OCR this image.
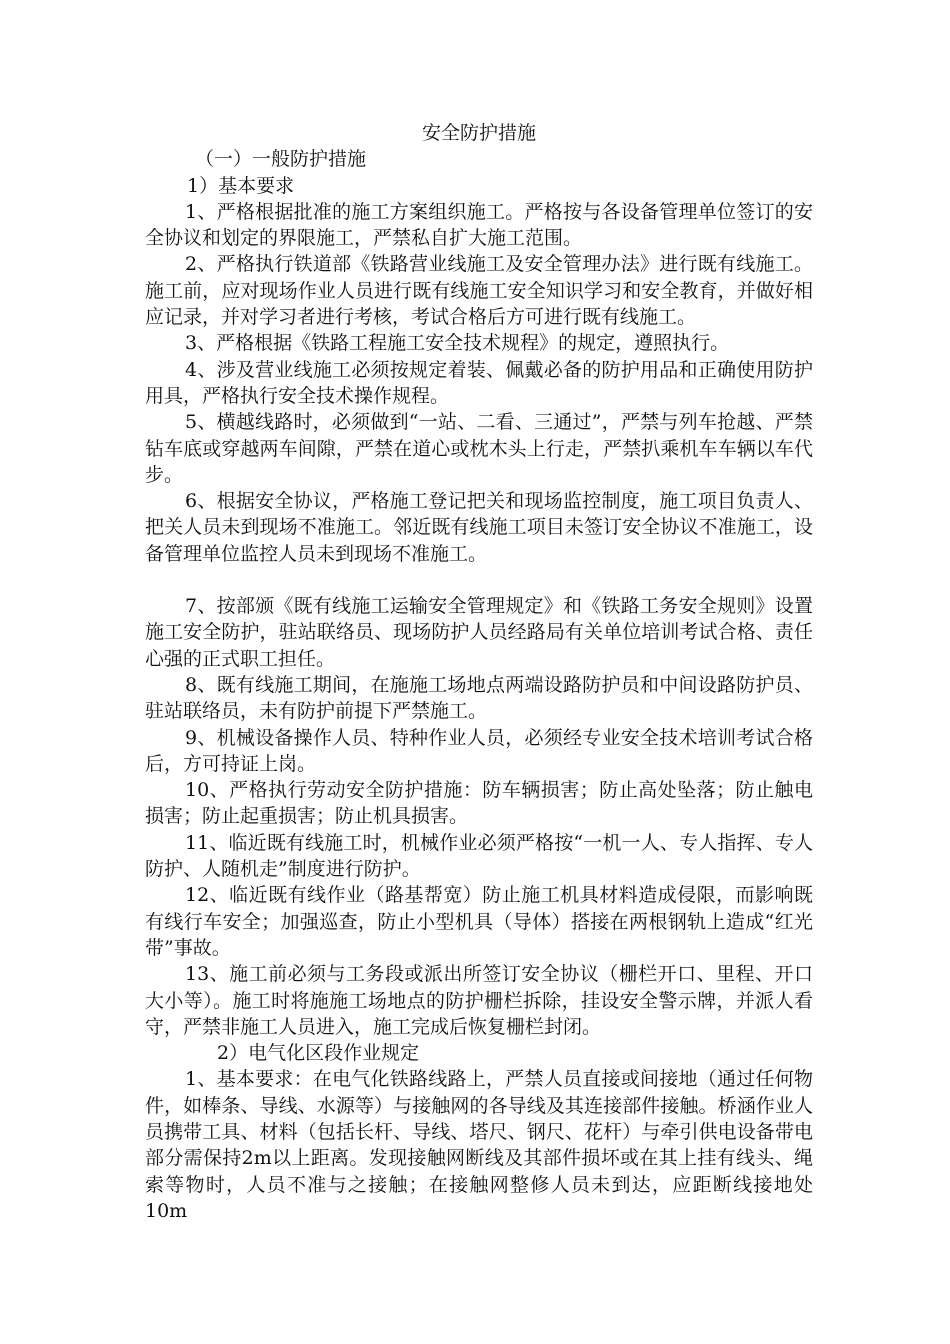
安全防护措施

（一）一般防护措施

1）基本要求

1、严格根据批准的施工方案组织施工。严格按与各设备管理单位签订的安全协议和划定的界限施工，严禁私自扩大施工范围。

2、严格执行铁道部《铁路营业线施工及安全管理办法》进行既有线施工。施工前，应对现场作业人员进行既有线施工安全知识学习和安全教育，并做好相应记录，并对学习者进行考核，考试合格后方可进行既有线施工。

3、严格根据《铁路工程施工安全技术规程》的规定，遵照执行。

4、涉及营业线施工必须按规定着装、佩戴必备的防护用品和正确使用防护用具，严格执行安全技术操作规程。

5、横越线路时，必须做到“一站、二看、三通过”，严禁与列车抢越、严禁钻车底或穿越两车间隙，严禁在道心或枕木头上行走，严禁扒乘机车车辆以车代步。

6、根据安全协议，严格施工登记把关和现场监控制度，施工项目负责人、把关人员未到现场不准施工。邻近既有线施工项目未签订安全协议不准施工，设备管理单位监控人员未到现场不准施工。

7、按部颁《既有线施工运输安全管理规定》和《铁路工务安全规则》设置施工安全防护，驻站联络员、现场防护人员经路局有关单位培训考试合格、责任心强的正式职工担任。

8、既有线施工期间，在施施工场地点两端设路防护员和中间设路防护员、驻站联络员，未有防护前提下严禁施工。

9、机械设备操作人员、特种作业人员，必须经专业安全技术培训考试合格后，方可持证上岗。

10、严格执行劳动安全防护措施：防车辆损害；防止高处坠落；防止触电损害；防止起重损害；防止机具损害。

11、临近既有线施工时，机械作业必须严格按“一机一人、专人指挥、专人防护、人随机走”制度进行防护。

12、临近既有线作业（路基帮宽）防止施工机具材料造成侵限，而影响既有线行车安全；加强巡查，防止小型机具（导体）搭接在两根钢轨上造成“红光带”事故。

13、施工前必须与工务段或派出所签订安全协议（栅栏开口、里程、开口大小等）。施工时将施施工场地点的防护栅栏拆除，挂设安全警示牌，并派人看守，严禁非施工人员进入，施工完成后恢复栅栏封闭。

2）电气化区段作业规定

1、基本要求：在电气化铁路线路上，严禁人员直接或间接地（通过任何物件，如棒条、导线、水源等）与接触网的各导线及其连接部件接触。桥涵作业人员携带工具、材料（包括长杆、导线、塔尺、钢尺、花杆）与牵引供电设备带电部分需保持2m以上距离。发现接触网断线及其部件损坏或在其上挂有线头、绳索等物时，人员不准与之接触；在接触网整修人员未到达，应距断线接地处10m
